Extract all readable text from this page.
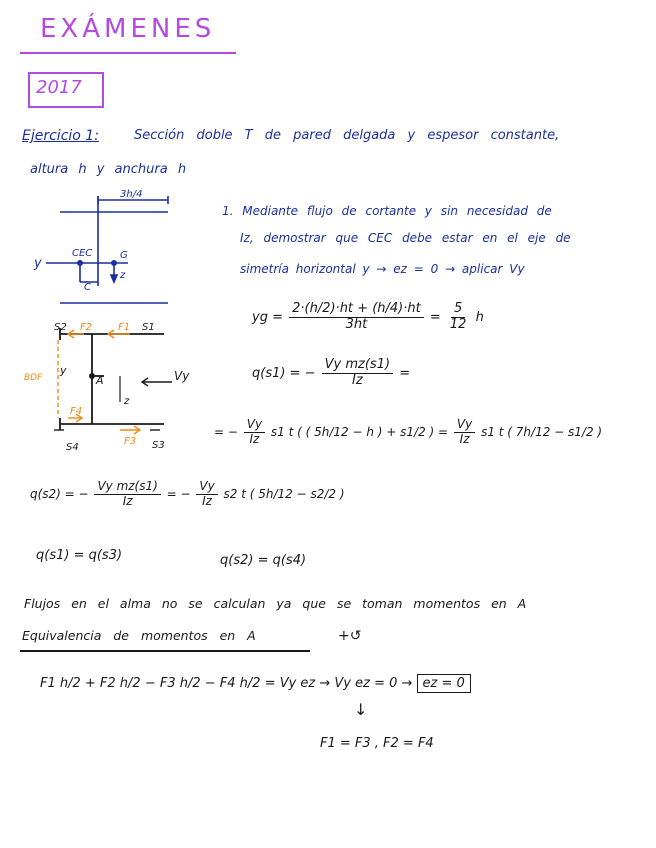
EXÁMENES
2017
Ejercicio 1:	Sección doble T de pared delgada y espesor constante,
altura h y anchura h
3h/4
y
CEC	G
z
C
S2 F2	F1 S1
BDF
y
A	Vy
z
F4
F3
S4	S3
1. Mediante flujo de cortante y sin necesidad de
Iz, demostrar que CEC debe estar en el eje de
simetría horizontal y → ez = 0 → aplicar Vy
yg = $\frac{2\cdot(h/2)\cdot ht + (h/4)\cdot ht}{3ht} = \frac{5}{12}$ h
q(s1) = − $\frac{\text{Vy mz(s1)}}{Iz}$ =
= − $\frac{Vy}{Iz} s1$ t ( ( 5h/12 − h ) + s1/2 ) = $\frac{Vy}{Iz} s1$ t ( 7h/12 − s1/2 )
q(s2) = − $\frac{\text{Vy mz(s1)}}{Iz}$ = − $\frac{Vy}{Iz} s2$ t ( 5h/12 − s2/2 )
q(s1) = q(s3)	q(s2) = q(s4)
Flujos en el alma no se calculan ya que se toman momentos en A
Equivalencia de momentos en A	+↺
F1 h/2 + F2 h/2 − F3 h/2 − F4 h/2 = Vy ez → Vy ez = 0 → ez = 0
↓
F1 = F3 , F2 = F4
